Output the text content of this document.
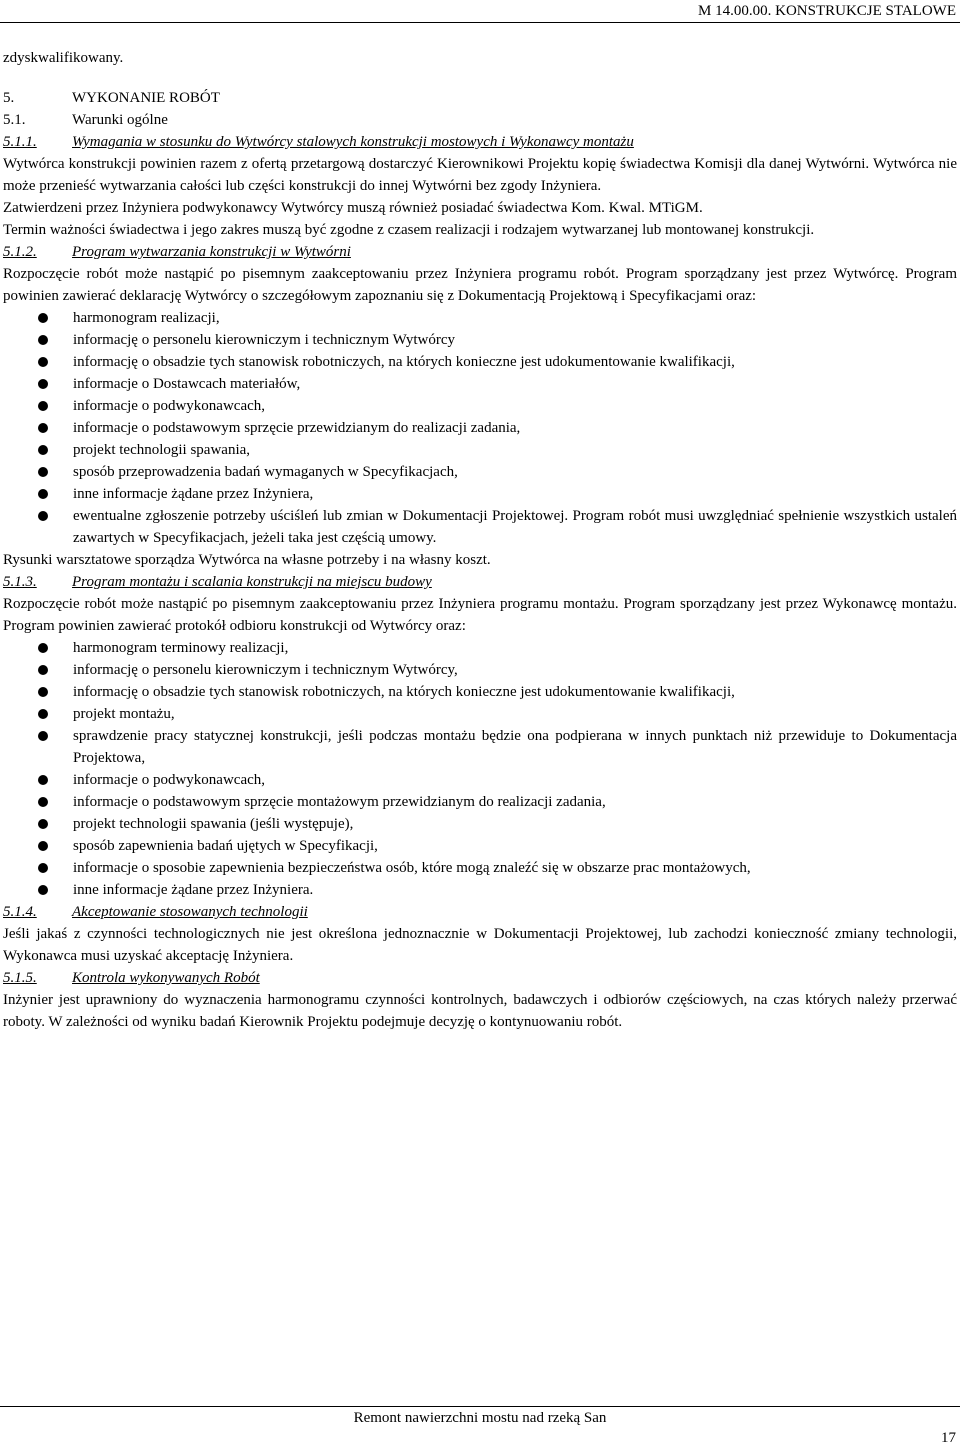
M 14.00.00. KONSTRUKCJE STALOWE
zdyskwalifikowany.
5.	WYKONANIE ROBÓT
5.1.	Warunki ogólne
5.1.1.	Wymagania w stosunku do Wytwórcy stalowych konstrukcji mostowych i Wykonawcy montażu
Wytwórca konstrukcji powinien razem z ofertą przetargową dostarczyć Kierownikowi Projektu kopię świadectwa Komisji dla danej Wytwórni. Wytwórca nie może przenieść wytwarzania całości lub części konstrukcji do innej Wytwórni bez zgody Inżyniera.
Zatwierdzeni przez Inżyniera podwykonawcy Wytwórcy muszą również posiadać świadectwa Kom. Kwal. MTiGM.
Termin ważności świadectwa i jego zakres muszą być zgodne z czasem realizacji i rodzajem wytwarzanej lub montowanej konstrukcji.
5.1.2.	Program wytwarzania konstrukcji w Wytwórni
Rozpoczęcie robót może nastąpić po pisemnym zaakceptowaniu przez Inżyniera programu robót. Program sporządzany jest przez Wytwórcę. Program powinien zawierać deklarację Wytwórcy o szczegółowym zapoznaniu się z Dokumentacją Projektową i Specyfikacjami oraz:
harmonogram realizacji,
informację o personelu kierowniczym i technicznym Wytwórcy
informację o obsadzie tych stanowisk robotniczych, na których konieczne jest udokumentowanie kwalifikacji,
informacje o Dostawcach materiałów,
informacje o podwykonawcach,
informacje o podstawowym sprzęcie przewidzianym do realizacji zadania,
projekt technologii spawania,
sposób przeprowadzenia badań wymaganych w Specyfikacjach,
inne informacje żądane przez Inżyniera,
ewentualne zgłoszenie potrzeby uściśleń lub zmian w Dokumentacji Projektowej. Program robót musi uwzględniać spełnienie wszystkich ustaleń zawartych w Specyfikacjach, jeżeli taka jest częścią umowy.
Rysunki warsztatowe sporządza Wytwórca na własne potrzeby i na własny koszt.
5.1.3.	Program montażu i scalania konstrukcji na miejscu budowy
Rozpoczęcie robót może nastąpić po pisemnym zaakceptowaniu przez Inżyniera programu montażu. Program sporządzany jest przez Wykonawcę montażu. Program powinien zawierać protokół odbioru konstrukcji od Wytwórcy oraz:
harmonogram terminowy realizacji,
informację o personelu kierowniczym i technicznym Wytwórcy,
informację o obsadzie tych stanowisk robotniczych, na których konieczne jest udokumentowanie kwalifikacji,
projekt montażu,
sprawdzenie pracy statycznej konstrukcji, jeśli podczas montażu będzie ona podpierana w innych punktach niż przewiduje to Dokumentacja Projektowa,
informacje o podwykonawcach,
informacje o podstawowym sprzęcie montażowym przewidzianym do realizacji zadania,
projekt technologii spawania (jeśli występuje),
sposób zapewnienia badań ujętych w Specyfikacji,
informacje o sposobie zapewnienia bezpieczeństwa osób, które mogą znaleźć się w obszarze prac montażowych,
inne informacje żądane przez Inżyniera.
5.1.4.	Akceptowanie stosowanych technologii
Jeśli jakaś z czynności technologicznych nie jest określona jednoznacznie w Dokumentacji Projektowej, lub zachodzi konieczność zmiany technologii, Wykonawca musi uzyskać akceptację Inżyniera.
5.1.5.	Kontrola wykonywanych Robót
Inżynier jest uprawniony do wyznaczenia harmonogramu czynności kontrolnych, badawczych i odbiorów częściowych, na czas których należy przerwać roboty. W zależności od wyniku badań Kierownik Projektu podejmuje decyzję o kontynuowaniu robót.
Remont nawierzchni mostu nad rzeką San
17
